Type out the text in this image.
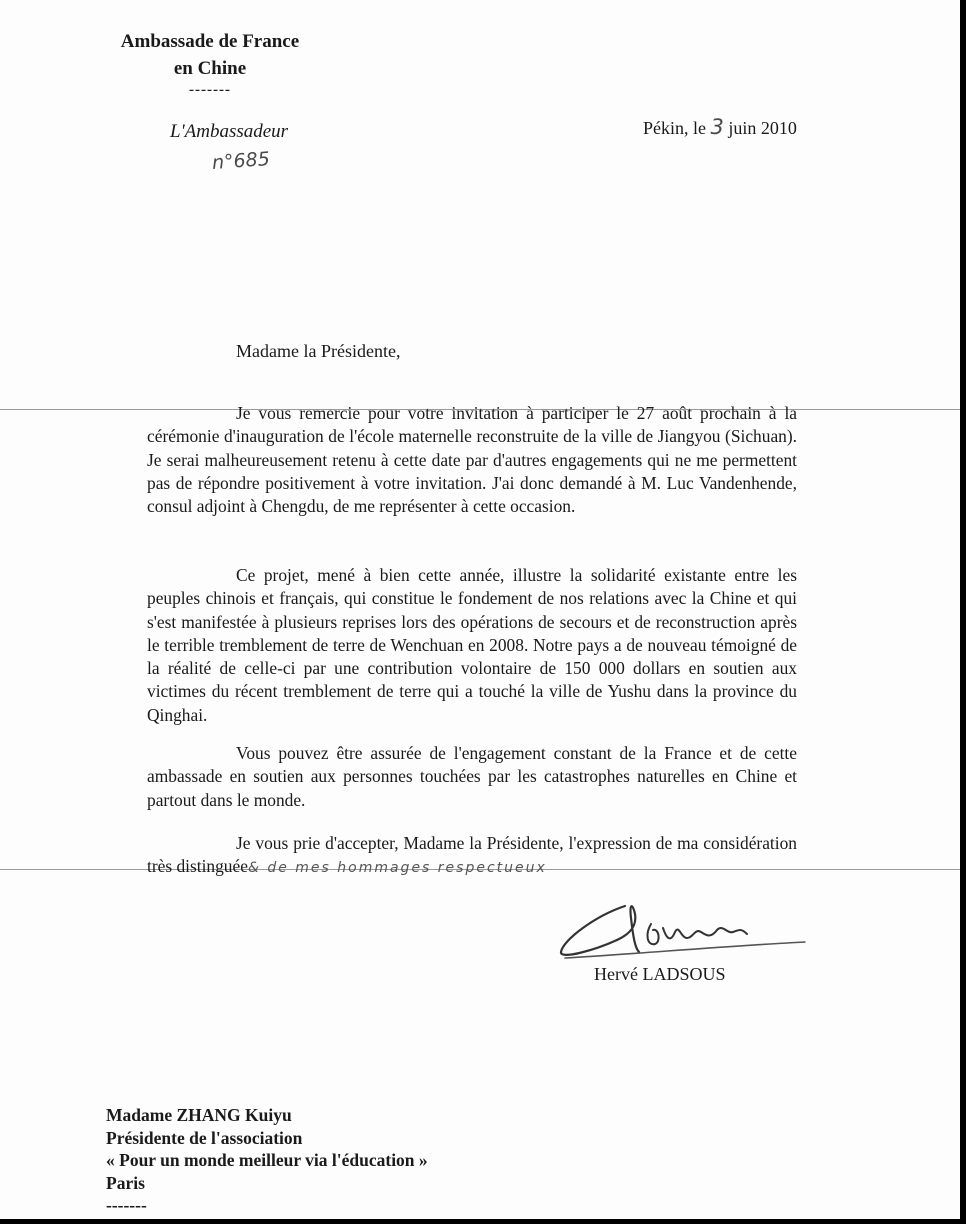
Ambassade de France
en Chine
-------
L'Ambassadeur
n°685
Pékin, le 3 juin 2010
Madame la Présidente,
Je vous remercie pour votre invitation à participer le 27 août prochain à la cérémonie d'inauguration de l'école maternelle reconstruite de la ville de Jiangyou (Sichuan). Je serai malheureusement retenu à cette date par d'autres engagements qui ne me permettent pas de répondre positivement à votre invitation. J'ai donc demandé à M. Luc Vandenhende, consul adjoint à Chengdu, de me représenter à cette occasion.
Ce projet, mené à bien cette année, illustre la solidarité existante entre les peuples chinois et français, qui constitue le fondement de nos relations avec la Chine et qui s'est manifestée à plusieurs reprises lors des opérations de secours et de reconstruction après le terrible tremblement de terre de Wenchuan en 2008. Notre pays a de nouveau témoigné de la réalité de celle-ci par une contribution volontaire de 150 000 dollars en soutien aux victimes du récent tremblement de terre qui a touché la ville de Yushu dans la province du Qinghai.
Vous pouvez être assurée de l'engagement constant de la France et de cette ambassade en soutien aux personnes touchées par les catastrophes naturelles en Chine et partout dans le monde.
Je vous prie d'accepter, Madame la Présidente, l'expression de ma considération très distinguée& de mes hommages respectueux
Hervé LADSOUS
Madame ZHANG Kuiyu
Présidente de l'association
« Pour un monde meilleur via l'éducation »
Paris
-------
